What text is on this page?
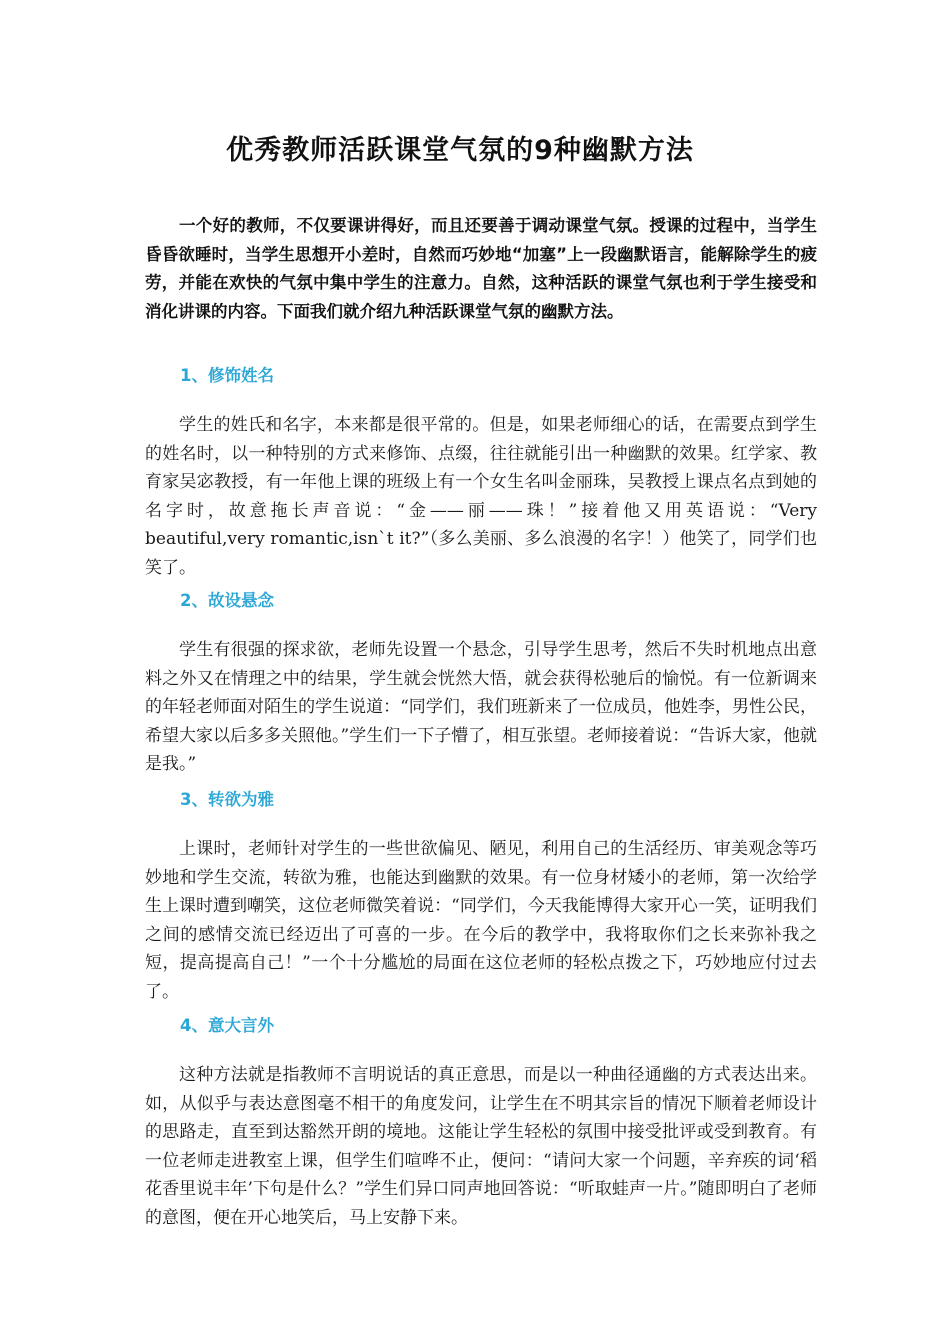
优秀教师活跃课堂气氛的9种幽默方法
一个好的教师，不仅要课讲得好，而且还要善于调动课堂气氛。授课的过程中，当学生昏昏欲睡时，当学生思想开小差时，自然而巧妙地“加塞”上一段幽默语言，能解除学生的疲劳，并能在欢快的气氛中集中学生的注意力。自然，这种活跃的课堂气氛也利于学生接受和消化讲课的内容。下面我们就介绍九种活跃课堂气氛的幽默方法。
1、修饰姓名
学生的姓氏和名字，本来都是很平常的。但是，如果老师细心的话，在需要点到学生的姓名时，以一种特别的方式来修饰、点缀，往往就能引出一种幽默的效果。红学家、教育家吴宓教授，有一年他上课的班级上有一个女生名叫金丽珠，吴教授上课点名点到她的名字时，故意拖长声音说：“金——丽——珠！”接着他又用英语说：“Very beautiful,very romantic,isn`t it?”（多么美丽、多么浪漫的名字！）他笑了，同学们也笑了。
2、故设悬念
学生有很强的探求欲，老师先设置一个悬念，引导学生思考，然后不失时机地点出意料之外又在情理之中的结果，学生就会恍然大悟，就会获得松驰后的愉悦。有一位新调来的年轻老师面对陌生的学生说道：“同学们，我们班新来了一位成员，他姓李，男性公民，希望大家以后多多关照他。”学生们一下子懵了，相互张望。老师接着说：“告诉大家，他就是我。”
3、转欲为雅
上课时，老师针对学生的一些世欲偏见、陋见，利用自己的生活经历、审美观念等巧妙地和学生交流，转欲为雅，也能达到幽默的效果。有一位身材矮小的老师，第一次给学生上课时遭到嘲笑，这位老师微笑着说：“同学们，今天我能博得大家开心一笑，证明我们之间的感情交流已经迈出了可喜的一步。在今后的教学中，我将取你们之长来弥补我之短，提高提高自己！”一个十分尴尬的局面在这位老师的轻松点拨之下，巧妙地应付过去了。
4、意大言外
这种方法就是指教师不言明说话的真正意思，而是以一种曲径通幽的方式表达出来。如，从似乎与表达意图毫不相干的角度发问，让学生在不明其宗旨的情况下顺着老师设计的思路走，直至到达豁然开朗的境地。这能让学生轻松的氛围中接受批评或受到教育。有一位老师走进教室上课，但学生们喧哗不止，便问：“请问大家一个问题，辛弃疾的词‘稻花香里说丰年’下句是什么？”学生们异口同声地回答说：“听取蛙声一片。”随即明白了老师的意图，便在开心地笑后，马上安静下来。
